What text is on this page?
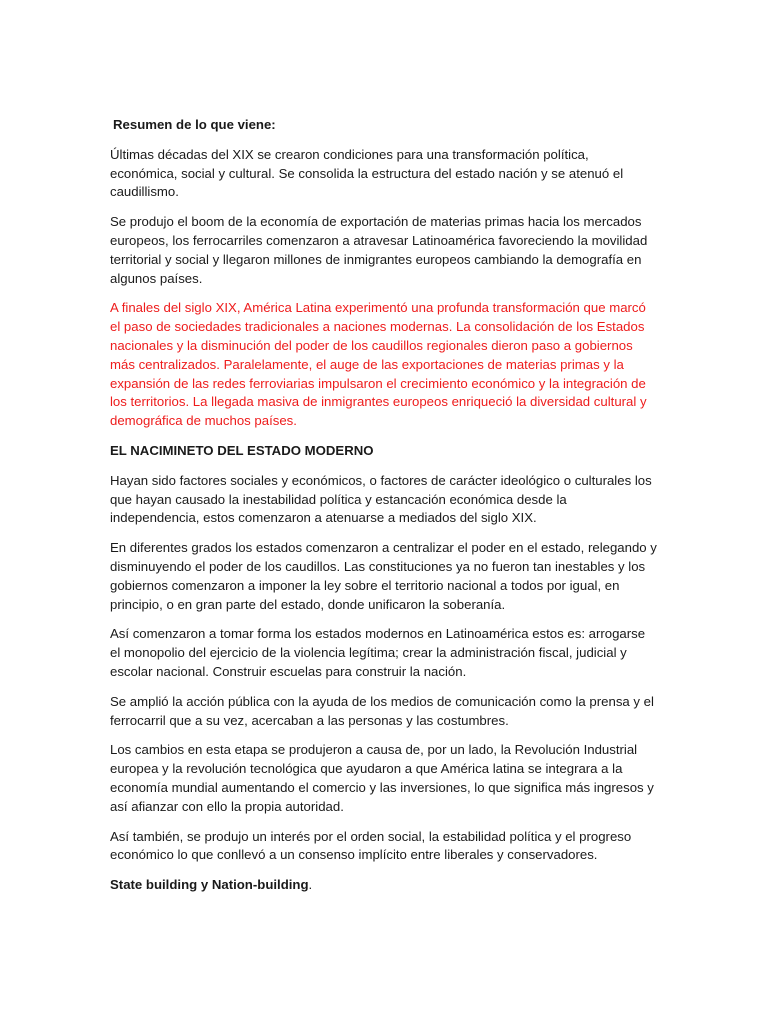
Resumen de lo que viene:

Últimas décadas del XIX se crearon condiciones para una transformación política, económica, social y cultural. Se consolida la estructura del estado nación y se atenuó el caudillismo.

Se produjo el boom de la economía de exportación de materias primas hacia los mercados europeos, los ferrocarriles comenzaron a atravesar Latinoamérica favoreciendo la movilidad territorial y social y llegaron millones de inmigrantes europeos cambiando la demografía en algunos países.

A finales del siglo XIX, América Latina experimentó una profunda transformación que marcó el paso de sociedades tradicionales a naciones modernas. La consolidación de los Estados nacionales y la disminución del poder de los caudillos regionales dieron paso a gobiernos más centralizados. Paralelamente, el auge de las exportaciones de materias primas y la expansión de las redes ferroviarias impulsaron el crecimiento económico y la integración de los territorios. La llegada masiva de inmigrantes europeos enriqueció la diversidad cultural y demográfica de muchos países.

EL NACIMINETO DEL ESTADO MODERNO

Hayan sido factores sociales y económicos, o factores de carácter ideológico o culturales los que hayan causado la inestabilidad política y estancación económica desde la independencia, estos comenzaron a atenuarse a mediados del siglo XIX.

En diferentes grados los estados comenzaron a centralizar el poder en el estado, relegando y disminuyendo el poder de los caudillos. Las constituciones ya no fueron tan inestables y los gobiernos comenzaron a imponer la ley sobre el territorio nacional a todos por igual, en principio, o en gran parte del estado, donde unificaron la soberanía.

Así comenzaron a tomar forma los estados modernos en Latinoamérica estos es: arrogarse el monopolio del ejercicio de la violencia legítima; crear la administración fiscal, judicial y escolar nacional. Construir escuelas para construir la nación.

Se amplió la acción pública con la ayuda de los medios de comunicación como la prensa y el ferrocarril que a su vez, acercaban a las personas y las costumbres.

Los cambios en esta etapa se produjeron a causa de, por un lado, la Revolución Industrial europea y la revolución tecnológica que ayudaron a que América latina se integrara a la economía mundial aumentando el comercio y las inversiones, lo que significa más ingresos y así afianzar con ello la propia autoridad.

Así también, se produjo un interés por el orden social, la estabilidad política y el progreso económico lo que conllevó a un consenso implícito entre liberales y conservadores.

State building y Nation-building.
